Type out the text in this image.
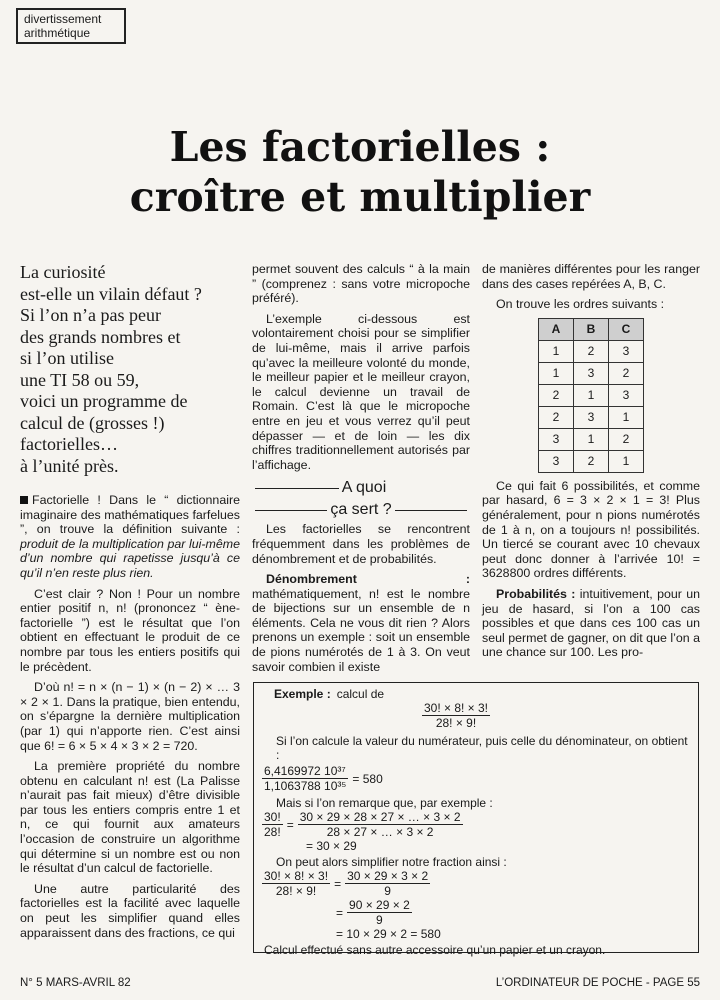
divertissement
arithmétique
Les factorielles :
croître et multiplier
La curiosité
est-elle un vilain défaut ?
Si l’on n’a pas peur
des grands nombres et
si l’on utilise
une TI 58 ou 59,
voici un programme de
calcul de (grosses !)
factorielles…
à l’unité près.

Factorielle ! Dans le “ dictionnaire imaginaire des mathématiques farfelues ”, on trouve la définition suivante : produit de la multiplication par lui-même d’un nombre qui rapetisse jusqu’à ce qu’il n’en reste plus rien.

C’est clair ? Non ! Pour un nombre entier positif n, n! (prononcez “ ène-factorielle ”) est le résultat que l’on obtient en effectuant le produit de ce nombre par tous les entiers positifs qui le précèdent.

D’où n! = n × (n − 1) × (n − 2) × … 3 × 2 × 1. Dans la pratique, bien entendu, on s’épargne la dernière multiplication (par 1) qui n’apporte rien. C’est ainsi que 6! = 6 × 5 × 4 × 3 × 2 = 720.

La première propriété du nombre obtenu en calculant n! est (La Palisse n’aurait pas fait mieux) d’être divisible par tous les entiers compris entre 1 et n, ce qui fournit aux amateurs l’occasion de construire un algorithme qui détermine si un nombre est ou non le résultat d’un calcul de factorielle.

Une autre particularité des factorielles est la facilité avec laquelle on peut les simplifier quand elles apparaissent dans des fractions, ce qui

permet souvent des calculs “ à la main ” (comprenez : sans votre micropoche préféré).

L’exemple ci-dessous est volontairement choisi pour se simplifier de lui-même, mais il arrive parfois qu’avec la meilleure volonté du monde, le meilleur papier et le meilleur crayon, le calcul devienne un travail de Romain. C’est là que le micropoche entre en jeu et vous verrez qu’il peut dépasser — et de loin — les dix chiffres traditionnellement autorisés par l’affichage.

A quoi
ça sert ?

Les factorielles se rencontrent fréquemment dans les problèmes de dénombrement et de probabilités.

Dénombrement : mathématiquement, n! est le nombre de bijections sur un ensemble de n éléments. Cela ne vous dit rien ? Alors prenons un exemple : soit un ensemble de pions numérotés de 1 à 3. On veut savoir combien il existe

de manières différentes pour les ranger dans des cases repérées A, B, C.

On trouve les ordres suivants :

A	B	C
1	2	3
1	3	2
2	1	3
2	3	1
3	1	2
3	2	1

Ce qui fait 6 possibilités, et comme par hasard, 6 = 3 × 2 × 1 = 3! Plus généralement, pour n pions numérotés de 1 à n, on a toujours n! possibilités. Un tiercé se courant avec 10 chevaux peut donc donner à l’arrivée 10! = 3628800 ordres différents.

Probabilités : intuitivement, pour un jeu de hasard, si l’on a 100 cas possibles et que dans ces 100 cas un seul permet de gagner, on dit que l’on a une chance sur 100. Les pro-

Exemple : calcul de
$\frac{30! \times 8! \times 3!}{28! \times 9!}$
Si l’on calcule la valeur du numérateur, puis celle du dénominateur, on obtient :
$\frac{\text{6,4169972 10³⁷}}{\text{1,1063788 10³⁵}} = 580$
Mais si l’on remarque que, par exemple :
$\frac{30!}{28!} = \frac{30 \times 29 \times 28 \times 27 \times \dots \times 3 \times 2}{28 \times 27 \times \dots \times 3 \times 2}$
= 30 × 29
On peut alors simplifier notre fraction ainsi :
$\frac{30! \times 8! \times 3!}{28! \times 9!} = \frac{30 \times 29 \times 3 \times 2}{9}$
= $\frac{90 \times 29 \times 2}{9}$
= 10 × 29 × 2 = 580
Calcul effectué sans autre accessoire qu’un papier et un crayon.
N° 5 MARS-AVRIL 82	L’ORDINATEUR DE POCHE - PAGE 55
